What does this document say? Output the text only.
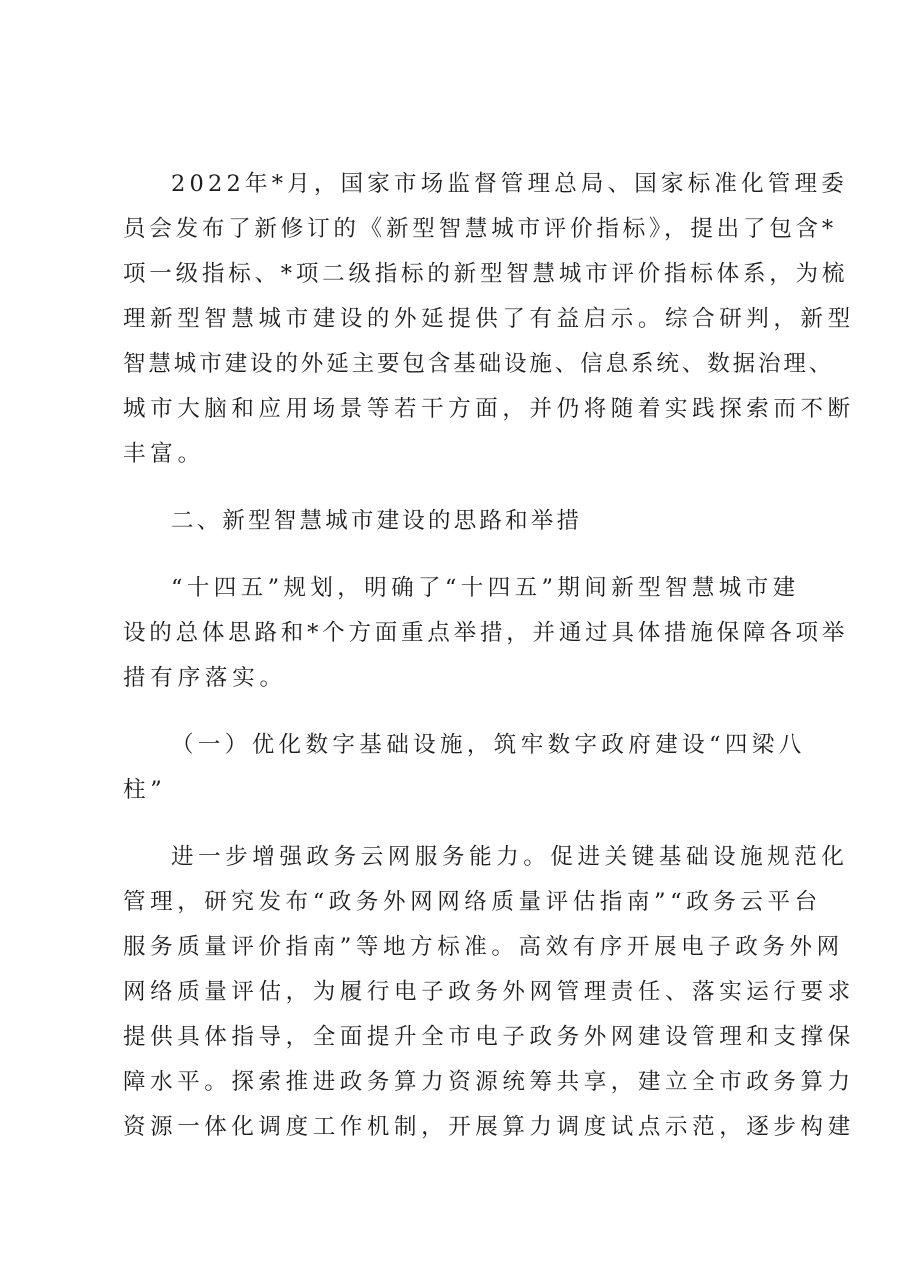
2022年*月，国家市场监督管理总局、国家标准化管理委
员会发布了新修订的《新型智慧城市评价指标》，提出了包含*
项一级指标、*项二级指标的新型智慧城市评价指标体系，为梳
理新型智慧城市建设的外延提供了有益启示。综合研判，新型
智慧城市建设的外延主要包含基础设施、信息系统、数据治理、
城市大脑和应用场景等若干方面，并仍将随着实践探索而不断
丰富。
二、新型智慧城市建设的思路和举措
“十四五”规划，明确了“十四五”期间新型智慧城市建
设的总体思路和*个方面重点举措，并通过具体措施保障各项举
措有序落实。
（一）优化数字基础设施，筑牢数字政府建设“四梁八
柱”
进一步增强政务云网服务能力。促进关键基础设施规范化
管理，研究发布“政务外网网络质量评估指南”“政务云平台
服务质量评价指南”等地方标准。高效有序开展电子政务外网
网络质量评估，为履行电子政务外网管理责任、落实运行要求
提供具体指导，全面提升全市电子政务外网建设管理和支撑保
障水平。探索推进政务算力资源统筹共享，建立全市政务算力
资源一体化调度工作机制，开展算力调度试点示范，逐步构建
